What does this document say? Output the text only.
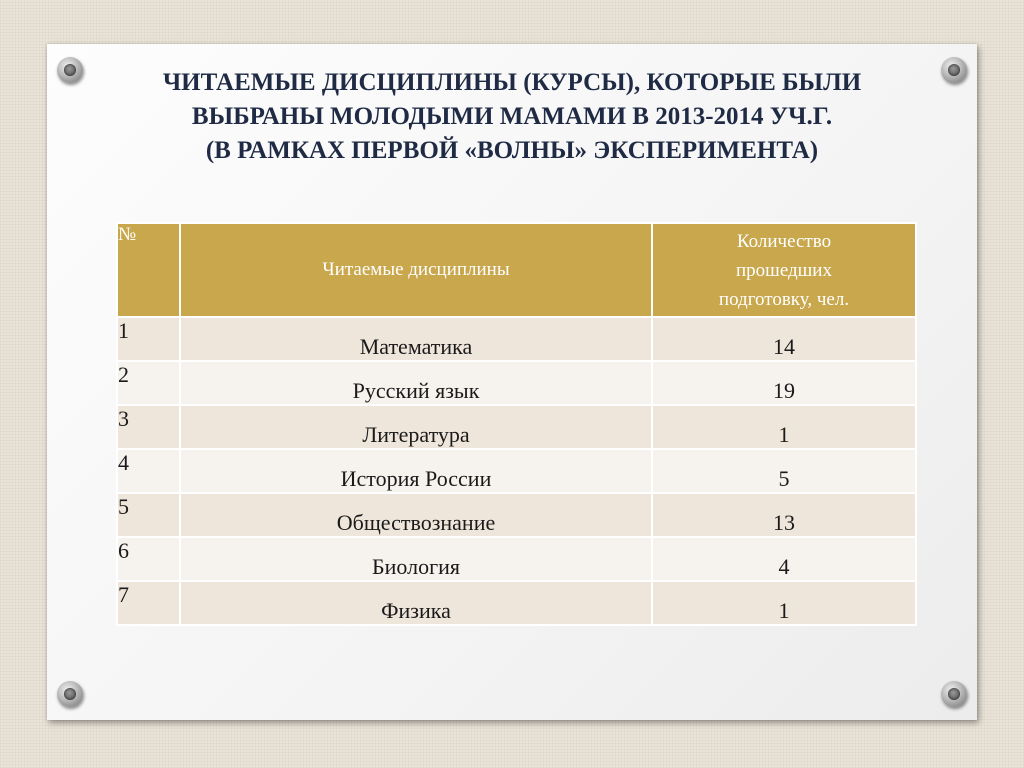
ЧИТАЕМЫЕ ДИСЦИПЛИНЫ (КУРСЫ), КОТОРЫЕ БЫЛИ
ВЫБРАНЫ МОЛОДЫМИ МАМАМИ В 2013-2014 УЧ.Г.
(В РАМКАХ ПЕРВОЙ «ВОЛНЫ» ЭКСПЕРИМЕНТА)
№	Читаемые дисциплины	Количество
прошедших
подготовку, чел.

1	Математика	14
2	Русский язык	19
3	Литература	1
4	История России	5
5	Обществознание	13
6	Биология	4
7	Физика	1
